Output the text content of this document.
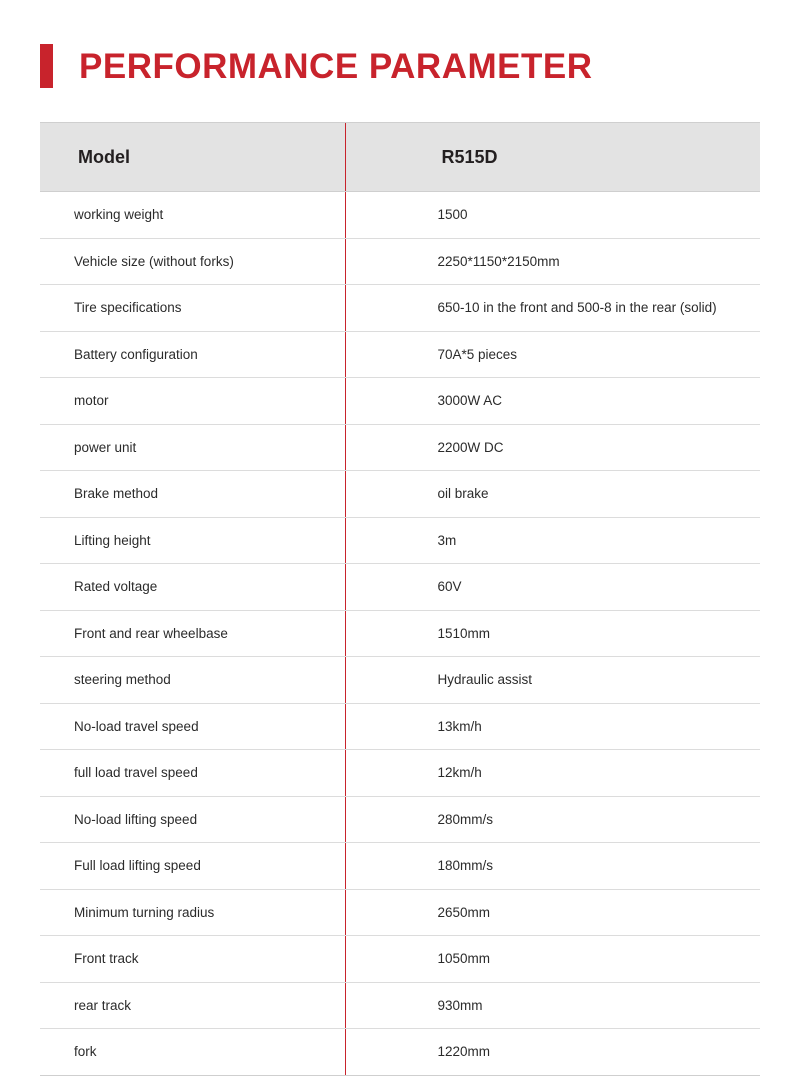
PERFORMANCE PARAMETER
Model	R515D
working weight	1500
Vehicle size (without forks)	2250*1150*2150mm
Tire specifications	650-10 in the front and 500-8 in the rear (solid)
Battery configuration	70A*5 pieces
motor	3000W AC
power unit	2200W DC
Brake method	oil brake
Lifting height	3m
Rated voltage	60V
Front and rear wheelbase	1510mm
steering method	Hydraulic assist
No-load travel speed	13km/h
full load travel speed	12km/h
No-load lifting speed	280mm/s
Full load lifting speed	180mm/s
Minimum turning radius	2650mm
Front track	1050mm
rear track	930mm
fork	1220mm
